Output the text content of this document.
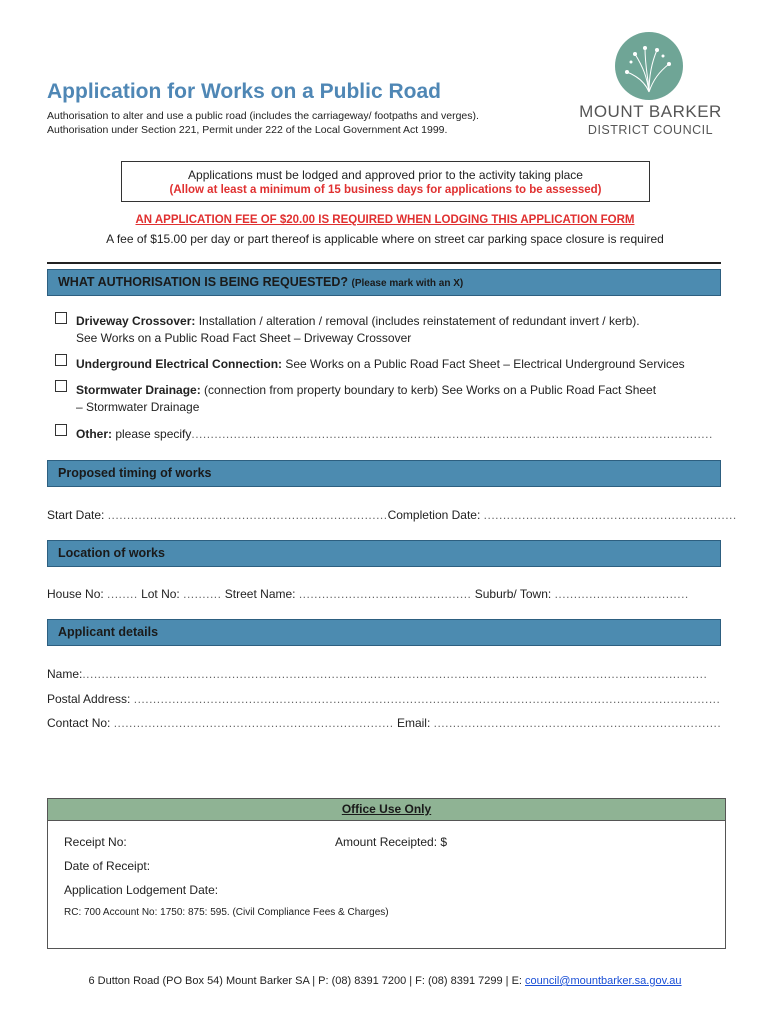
Application for Works on a Public Road
Authorisation to alter and use a public road (includes the carriageway/ footpaths and verges).
Authorisation under Section 221, Permit under 222 of the Local Government Act 1999.
MOUNT BARKER
DISTRICT COUNCIL
Applications must be lodged and approved prior to the activity taking place
(Allow at least a minimum of 15 business days for applications to be assessed)
AN APPLICATION FEE OF $20.00 IS REQUIRED WHEN LODGING THIS APPLICATION FORM
A fee of $15.00 per day or part thereof is applicable where on street car parking space closure is required
WHAT AUTHORISATION IS BEING REQUESTED? (Please mark with an X)
Driveway Crossover: Installation / alteration / removal (includes reinstatement of redundant invert / kerb).
See Works on a Public Road Fact Sheet – Driveway Crossover
Underground Electrical Connection: See Works on a Public Road Fact Sheet – Electrical Underground Services
Stormwater Drainage: (connection from property boundary to kerb) See Works on a Public Road Fact Sheet
– Stormwater Drainage
Other: please specify........................................................................................................................................
Proposed timing of works
Start Date: .........................................................................Completion Date: ..................................................................
Location of works
House No: ........ Lot No: .......... Street Name: ............................................. Suburb/ Town: ...................................
Applicant details
Name:...................................................................................................................................................................
Postal Address: .........................................................................................................................................................
Contact No: ......................................................................... Email: ...........................................................................
Office Use Only
Receipt No:	Amount Receipted: $
Date of Receipt:
Application Lodgement Date:
RC: 700 Account No: 1750: 875: 595. (Civil Compliance Fees & Charges)
6 Dutton Road (PO Box 54) Mount Barker SA | P: (08) 8391 7200 | F: (08) 8391 7299 | E: council@mountbarker.sa.gov.au
